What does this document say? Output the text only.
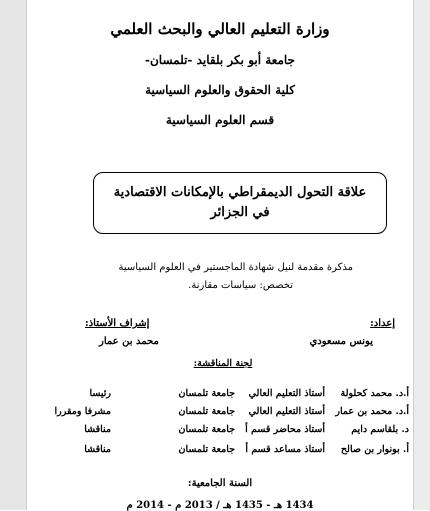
وزارة التعليم العالي والبحث العلمي
جامعة أبو بكر بلقايد -تلمسان-
كلية الحقوق والعلوم السياسية
قسم العلوم السياسية
علاقة التحول الديمقراطي بالإمكانات الاقتصادية
في الجزائر
مذكرة مقدمة لنيل شهادة الماجستير في العلوم السياسية
تخصص: سياسات مقارنة.
إعداد:
يونس مسعودي
إشراف الأستاذ:
محمد بن عمار
لجنة المناقشة:
أ.د. محمد كحلولة
أستاذ التعليم العالي
جامعة تلمسان
رئيسا
أ.د. محمد بن عمار
أستاذ التعليم العالي
جامعة تلمسان
مشرفا ومقررا
د. بلقاسم دايم
أستاذ محاضر قسم أ
جامعة تلمسان
مناقشا
أ. بونوار بن صالح
أستاذ مساعد قسم أ
جامعة تلمسان
مناقشا
السنة الجامعية:
1434 هـ - 1435 هـ / 2013 م - 2014 م
